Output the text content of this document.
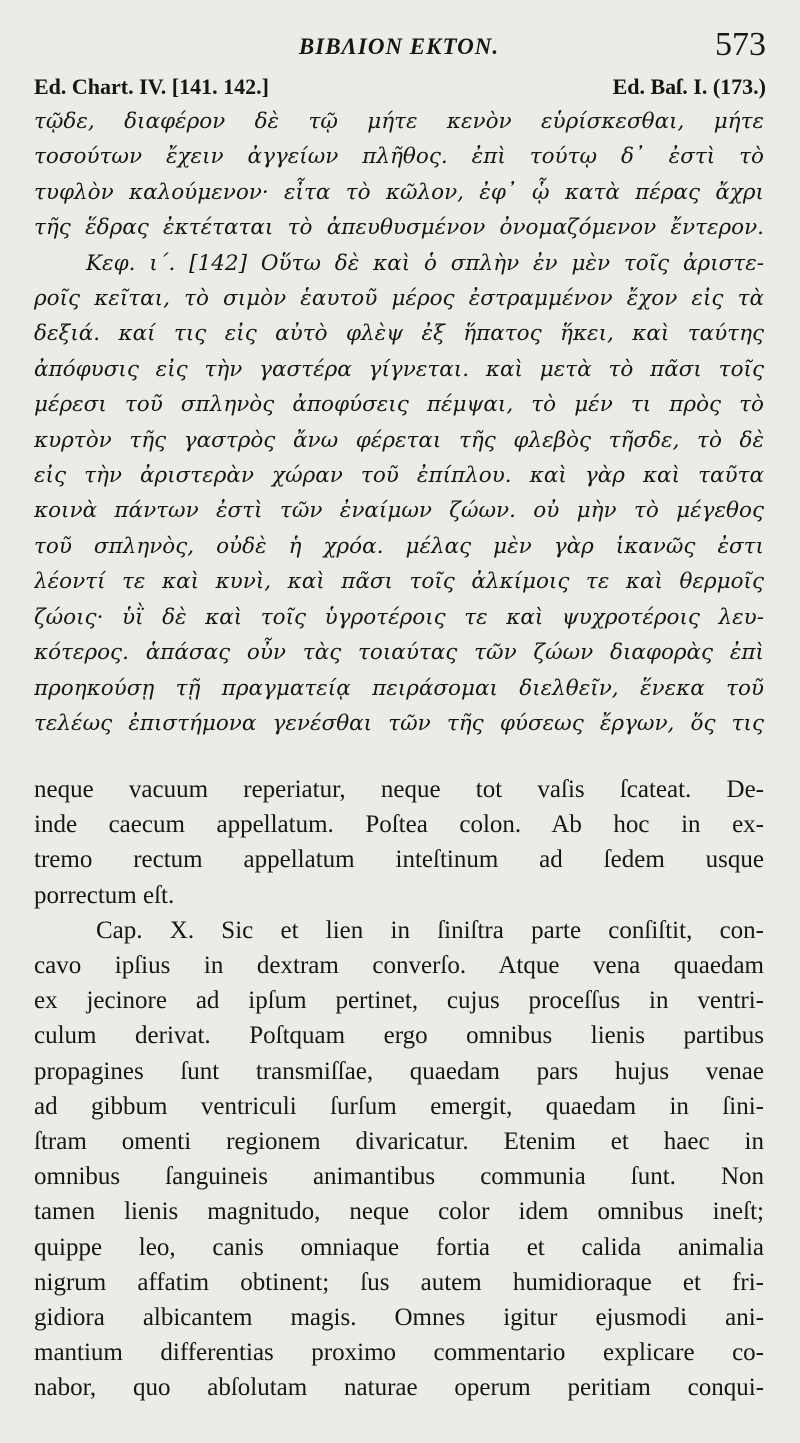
BIBΛION EKTON.	573
Ed. Chart. IV. [141. 142.]	Ed. Baſ. I. (173.)
τῷδε, διαφέρον δὲ τῷ μήτε κενὸν εὑρίσκεσθαι, μήτε
τοσούτων ἔχειν ἀγγείων πλῆθος. ἐπὶ τούτῳ δ᾽ ἐστὶ τὸ
τυφλὸν καλούμενον· εἶτα τὸ κῶλον, ἐφ᾽ ᾧ κατὰ πέρας ἄχρι
τῆς ἕδρας ἐκτέταται τὸ ἀπευθυσμένον ὀνομαζόμενον ἔντερον.
Κεφ. ι΄. [142] Οὕτω δὲ καὶ ὁ σπλὴν ἐν μὲν τοῖς ἀριστε-
ροῖς κεῖται, τὸ σιμὸν ἑαυτοῦ μέρος ἐστραμμένον ἔχον εἰς τὰ
δεξιά. καί τις εἰς αὐτὸ φλὲψ ἐξ ἥπατος ἥκει, καὶ ταύτης
ἀπόφυσις εἰς τὴν γαστέρα γίγνεται. καὶ μετὰ τὸ πᾶσι τοῖς
μέρεσι τοῦ σπληνὸς ἀποφύσεις πέμψαι, τὸ μέν τι πρὸς τὸ
κυρτὸν τῆς γαστρὸς ἄνω φέρεται τῆς φλεβὸς τῆσδε, τὸ δὲ
εἰς τὴν ἀριστερὰν χώραν τοῦ ἐπίπλου. καὶ γὰρ καὶ ταῦτα
κοινὰ πάντων ἐστὶ τῶν ἐναίμων ζώων. οὐ μὴν τὸ μέγεθος
τοῦ σπληνὸς, οὐδὲ ἡ χρόα. μέλας μὲν γὰρ ἱκανῶς ἐστι
λέοντί τε καὶ κυνὶ, καὶ πᾶσι τοῖς ἀλκίμοις τε καὶ θερμοῖς
ζώοις· ὑῒ δὲ καὶ τοῖς ὑγροτέροις τε καὶ ψυχροτέροις λευ-
κότερος. ἁπάσας οὖν τὰς τοιαύτας τῶν ζώων διαφορὰς ἐπὶ
προηκούσῃ τῇ πραγματείᾳ πειράσομαι διελθεῖν, ἕνεκα τοῦ
τελέως ἐπιστήμονα γενέσθαι τῶν τῆς φύσεως ἔργων, ὅς τις
neque vacuum reperiatur, neque tot vaſis ſcateat. De-
inde caecum appellatum. Poſtea colon. Ab hoc in ex-
tremo rectum appellatum inteſtinum ad ſedem usque
porrectum eſt.
Cap. X. Sic et lien in ſiniſtra parte conſiſtit, con-
cavo ipſius in dextram converſo. Atque vena quaedam
ex jecinore ad ipſum pertinet, cujus proceſſus in ventri-
culum derivat. Poſtquam ergo omnibus lienis partibus
propagines ſunt transmiſſae, quaedam pars hujus venae
ad gibbum ventriculi ſurſum emergit, quaedam in ſini-
ſtram omenti regionem divaricatur. Etenim et haec in
omnibus ſanguineis animantibus communia ſunt. Non
tamen lienis magnitudo, neque color idem omnibus ineſt;
quippe leo, canis omniaque fortia et calida animalia
nigrum affatim obtinent; ſus autem humidioraque et fri-
gidiora albicantem magis. Omnes igitur ejusmodi ani-
mantium differentias proximo commentario explicare co-
nabor, quo abſolutam naturae operum peritiam conqui-
